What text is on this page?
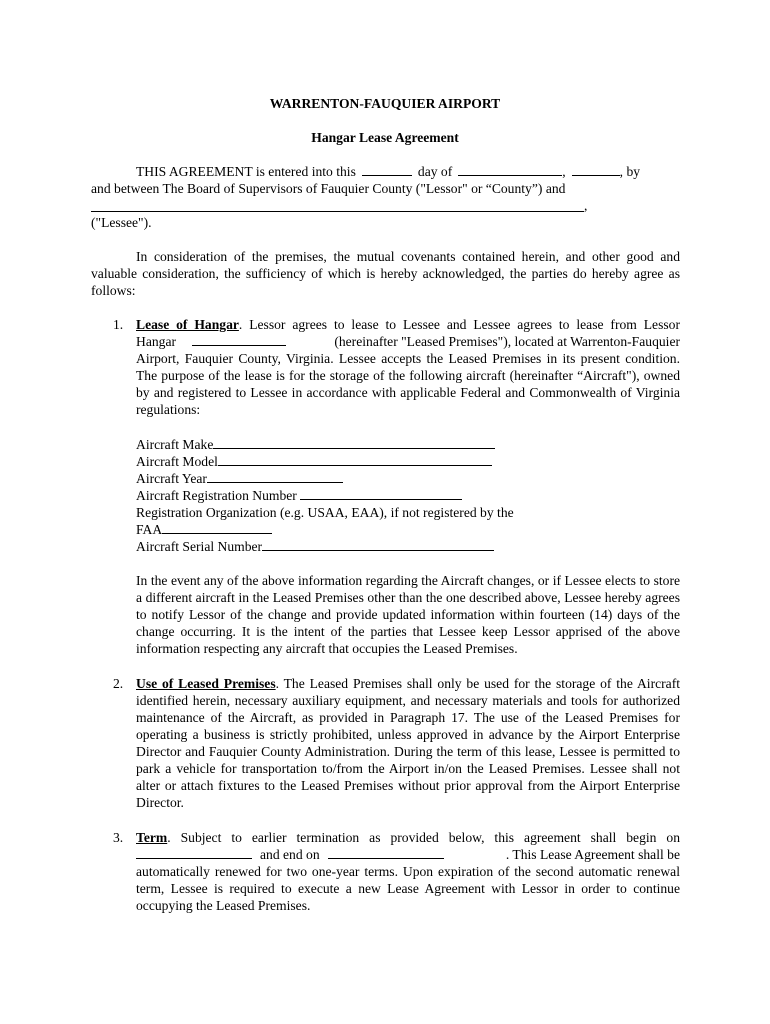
WARRENTON-FAUQUIER AIRPORT
Hangar Lease Agreement
THIS AGREEMENT is entered into this	day of	,	, by
and between The Board of Supervisors of Fauquier County ("Lessor" or “County”) and
,
("Lessee").
In consideration of the premises, the mutual covenants contained herein, and other good and valuable consideration, the sufficiency of which is hereby acknowledged, the parties do hereby agree as follows:
1. Lease of Hangar. Lessor agrees to lease to Lessee and Lessee agrees to lease from Lessor
Hangar	(hereinafter "Leased Premises"), located at Warrenton-Fauquier
Airport, Fauquier County, Virginia. Lessee accepts the Leased Premises in its present condition. The purpose of the lease is for the storage of the following aircraft (hereinafter “Aircraft"), owned by and registered to Lessee in accordance with applicable Federal and Commonwealth of Virginia regulations:
Aircraft Make
Aircraft Model
Aircraft Year
Aircraft Registration Number
Registration Organization (e.g. USAA, EAA), if not registered by the
FAA
Aircraft Serial Number
In the event any of the above information regarding the Aircraft changes, or if Lessee elects to store a different aircraft in the Leased Premises other than the one described above, Lessee hereby agrees to notify Lessor of the change and provide updated information within fourteen (14) days of the change occurring. It is the intent of the parties that Lessee keep Lessor apprised of the above information respecting any aircraft that occupies the Leased Premises.
2. Use of Leased Premises. The Leased Premises shall only be used for the storage of the Aircraft identified herein, necessary auxiliary equipment, and necessary materials and tools for authorized maintenance of the Aircraft, as provided in Paragraph 17. The use of the Leased Premises for operating a business is strictly prohibited, unless approved in advance by the Airport Enterprise Director and Fauquier County Administration. During the term of this lease, Lessee is permitted to park a vehicle for transportation to/from the Airport in/on the Leased Premises. Lessee shall not alter or attach fixtures to the Leased Premises without prior approval from the Airport Enterprise Director.
3. Term. Subject to earlier termination as provided below, this agreement shall begin on
and end on	. This Lease Agreement shall be
automatically renewed for two one-year terms. Upon expiration of the second automatic renewal term, Lessee is required to execute a new Lease Agreement with Lessor in order to continue occupying the Leased Premises.
